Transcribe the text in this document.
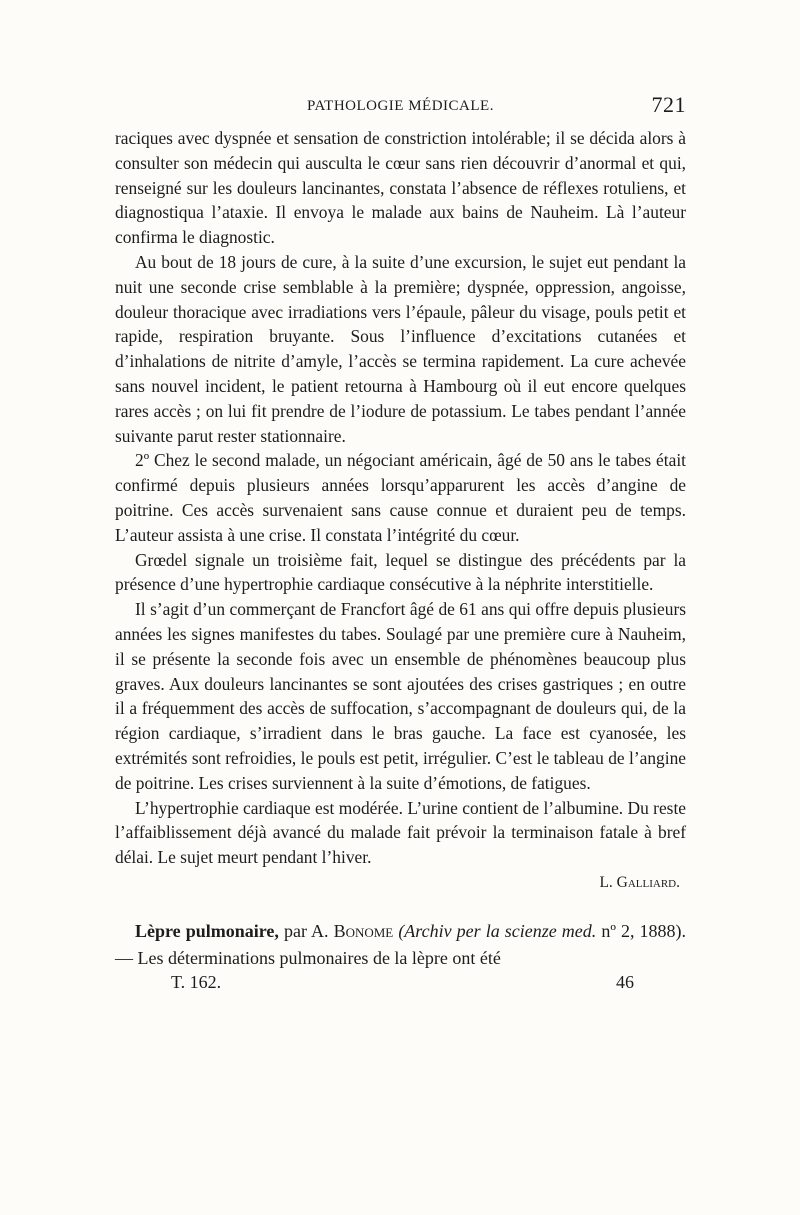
PATHOLOGIE MÉDICALE.	721

raciques avec dyspnée et sensation de constriction intolérable; il se décida alors à consulter son médecin qui ausculta le cœur sans rien découvrir d’anormal et qui, renseigné sur les douleurs lancinantes, constata l’absence de réflexes rotuliens, et diagnostiqua l’ataxie. Il envoya le malade aux bains de Nauheim. Là l’auteur confirma le diagnostic.

Au bout de 18 jours de cure, à la suite d’une excursion, le sujet eut pendant la nuit une seconde crise semblable à la première; dyspnée, oppression, angoisse, douleur thoracique avec irradiations vers l’épaule, pâleur du visage, pouls petit et rapide, respiration bruyante. Sous l’influence d’excitations cutanées et d’inhalations de nitrite d’amyle, l’accès se termina rapidement. La cure achevée sans nouvel incident, le patient retourna à Hambourg où il eut encore quelques rares accès ; on lui fit prendre de l’iodure de potassium. Le tabes pendant l’année suivante parut rester stationnaire.

2º Chez le second malade, un négociant américain, âgé de 50 ans le tabes était confirmé depuis plusieurs années lorsqu’apparurent les accès d’angine de poitrine. Ces accès survenaient sans cause connue et duraient peu de temps. L’auteur assista à une crise. Il constata l’intégrité du cœur.

Grœdel signale un troisième fait, lequel se distingue des précédents par la présence d’une hypertrophie cardiaque consécutive à la néphrite interstitielle.

Il s’agit d’un commerçant de Francfort âgé de 61 ans qui offre depuis plusieurs années les signes manifestes du tabes. Soulagé par une première cure à Nauheim, il se présente la seconde fois avec un ensemble de phénomènes beaucoup plus graves. Aux douleurs lancinantes se sont ajoutées des crises gastriques ; en outre il a fréquemment des accès de suffocation, s’accompagnant de douleurs qui, de la région cardiaque, s’irradient dans le bras gauche. La face est cyanosée, les extrémités sont refroidies, le pouls est petit, irrégulier. C’est le tableau de l’angine de poitrine. Les crises surviennent à la suite d’émotions, de fatigues.

L’hypertrophie cardiaque est modérée. L’urine contient de l’albumine. Du reste l’affaiblissement déjà avancé du malade fait prévoir la terminaison fatale à bref délai. Le sujet meurt pendant l’hiver.

L. Galliard.

Lèpre pulmonaire, par A. Bonome (Archiv per la scienze med. nº 2, 1888). — Les déterminations pulmonaires de la lèpre ont été

T. 162.	46
